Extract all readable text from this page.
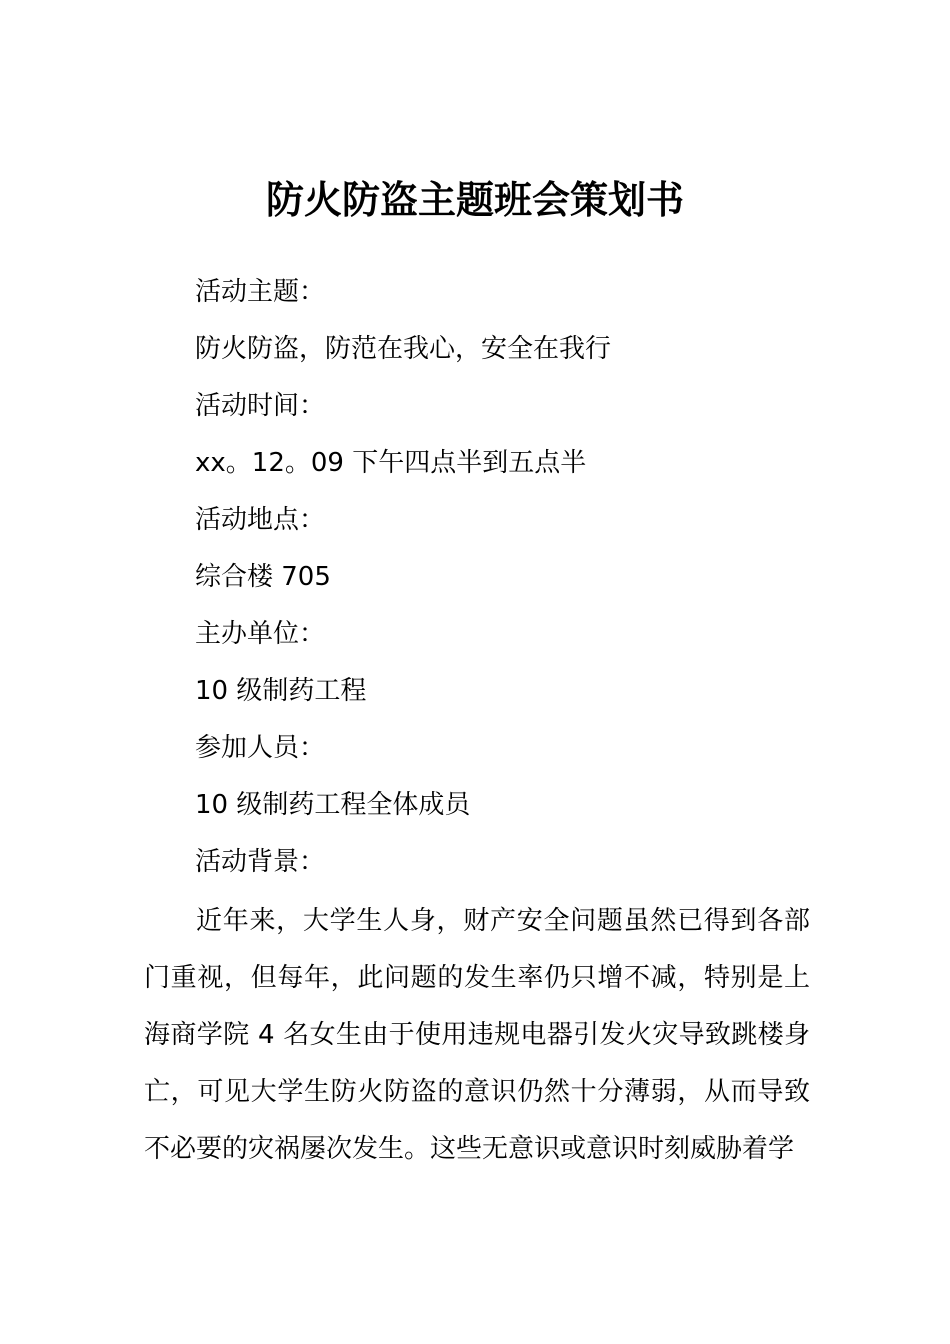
防火防盗主题班会策划书
活动主题：
防火防盗，防范在我心，安全在我行
活动时间：
xx。12。09 下午四点半到五点半
活动地点：
综合楼 705
主办单位：
10 级制药工程
参加人员：
10 级制药工程全体成员
活动背景：
近年来，大学生人身，财产安全问题虽然已得到各部门重视，但每年，此问题的发生率仍只增不减，特别是上海商学院 4 名女生由于使用违规电器引发火灾导致跳楼身亡，可见大学生防火防盗的意识仍然十分薄弱，从而导致不必要的灾祸屡次发生。这些无意识或意识时刻威胁着学
